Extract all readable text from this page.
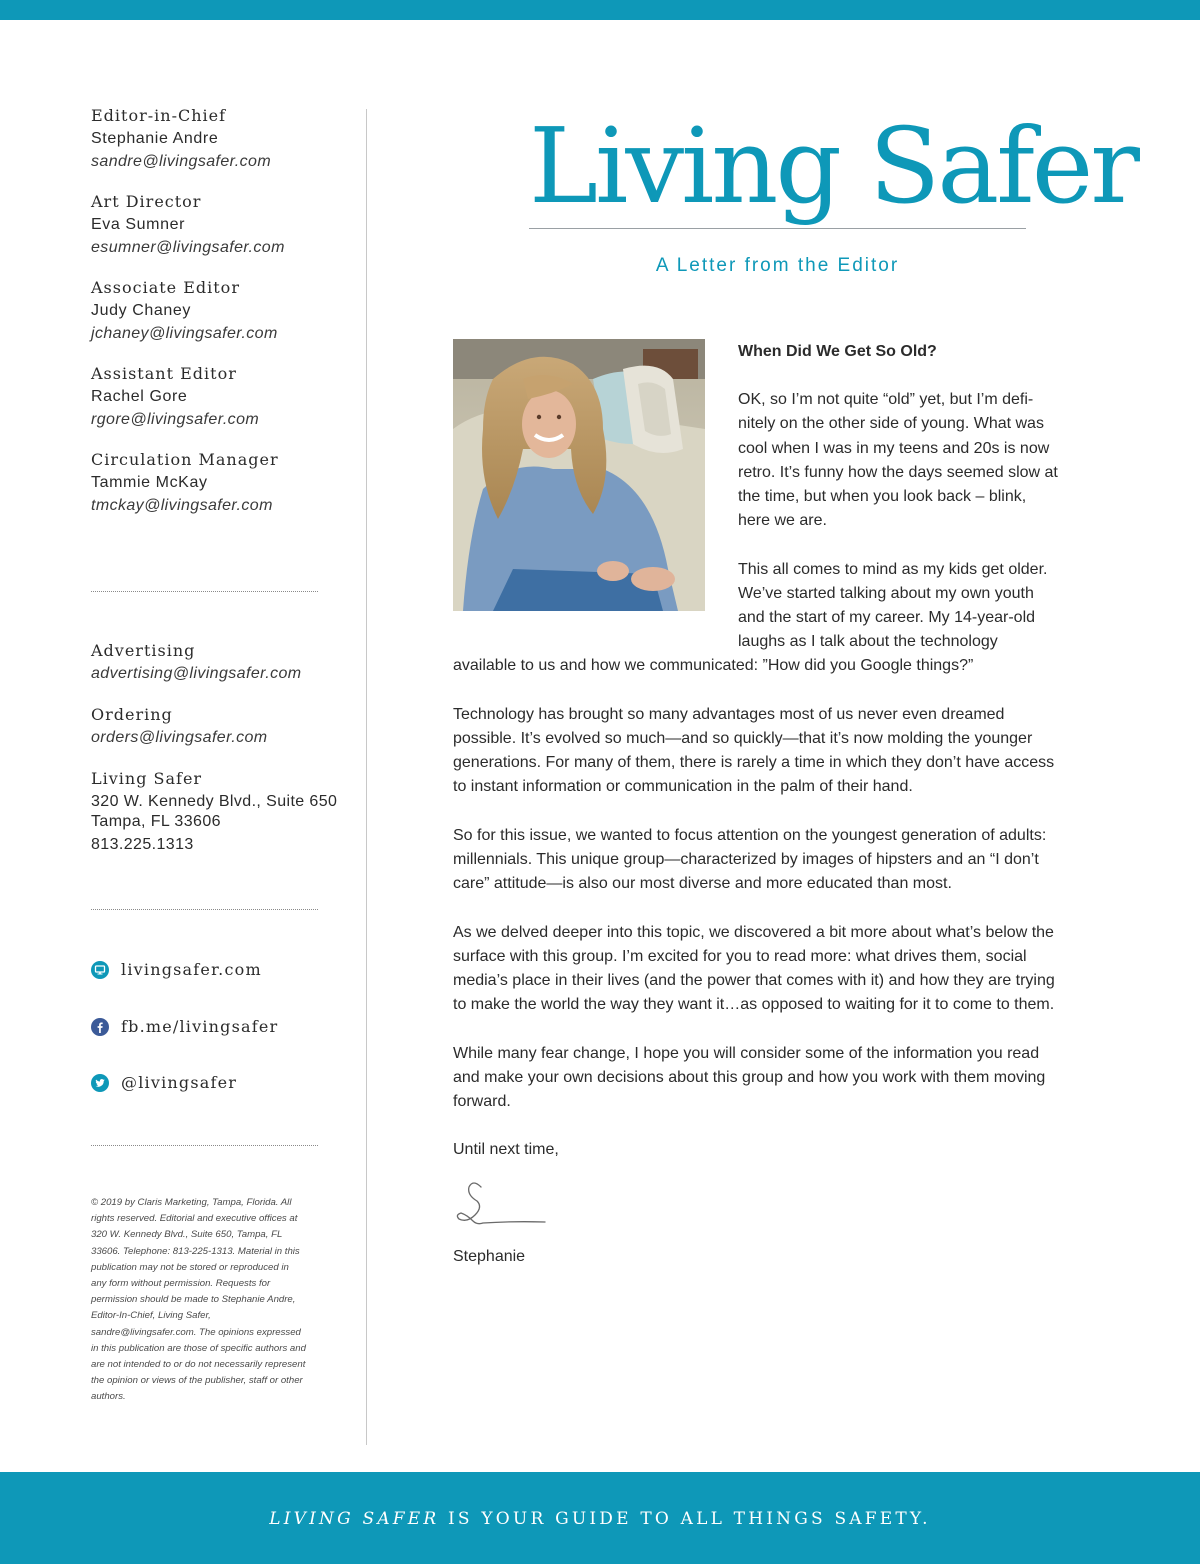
Editor-in-Chief
Stephanie Andre
sandre@livingsafer.com
Art Director
Eva Sumner
esumner@livingsafer.com
Associate Editor
Judy Chaney
jchaney@livingsafer.com
Assistant Editor
Rachel Gore
rgore@livingsafer.com
Circulation Manager
Tammie McKay
tmckay@livingsafer.com
Advertising
advertising@livingsafer.com
Ordering
orders@livingsafer.com
Living Safer
320 W. Kennedy Blvd., Suite 650
Tampa, FL 33606
813.225.1313
livingsafer.com
fb.me/livingsafer
@livingsafer
© 2019 by Claris Marketing, Tampa, Florida. All rights reserved. Editorial and executive offices at 320 W. Kennedy Blvd., Suite 650, Tampa, FL 33606. Telephone: 813-225-1313. Material in this publication may not be stored or reproduced in any form without permission. Requests for permission should be made to Stephanie Andre, Editor-In-Chief, Living Safer, sandre@livingsafer.com. The opinions expressed in this publication are those of specific authors and are not intended to or do not necessarily represent the opinion or views of the publisher, staff or other authors.
Living Safer
A Letter from the Editor
When Did We Get So Old?

OK, so I’m not quite “old” yet, but I’m defi-nitely on the other side of young. What was cool when I was in my teens and 20s is now retro. It’s funny how the days seemed slow at the time, but when you look back – blink, here we are.

This all comes to mind as my kids get older. We’ve started talking about my own youth and the start of my career. My 14-year-old laughs as I talk about the technology available to us and how we communicated: ”How did you Google things?”

Technology has brought so many advantages most of us never even dreamed possible. It’s evolved so much—and so quickly—that it’s now molding the younger generations. For many of them, there is rarely a time in which they don’t have access to instant information or communication in the palm of their hand.

So for this issue, we wanted to focus attention on the youngest generation of adults: millennials. This unique group—characterized by images of hipsters and an “I don’t care” attitude—is also our most diverse and more educated than most.

As we delved deeper into this topic, we discovered a bit more about what’s below the surface with this group. I’m excited for you to read more: what drives them, social media’s place in their lives (and the power that comes with it) and how they are trying to make the world the way they want it…as opposed to waiting for it to come to them.

While many fear change, I hope you will consider some of the information you read and make your own decisions about this group and how you work with them moving forward.

Until next time,

Stephanie
LIVING SAFER IS YOUR GUIDE TO ALL THINGS SAFETY.
